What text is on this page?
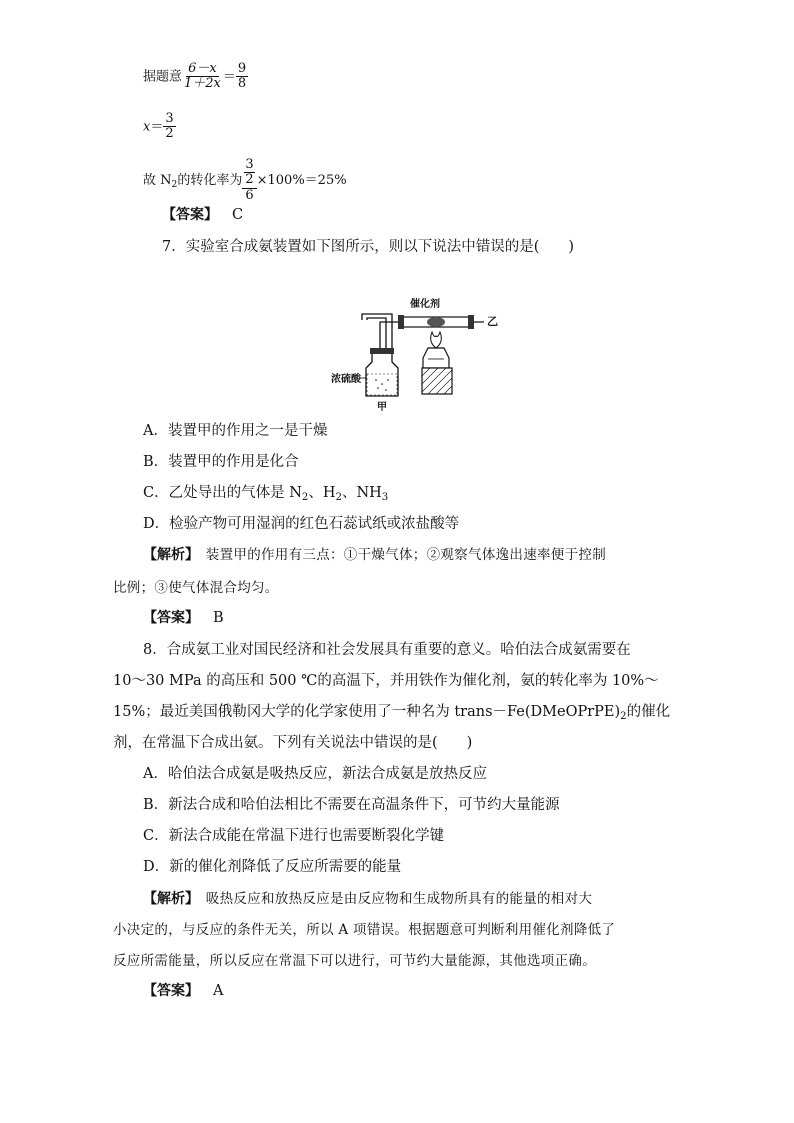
据题意 $\frac{6-x}{1+2x} = \frac{9}{8}$
$x= \frac{3}{2}$
故 $N_2$的转化率为 $\frac{\frac{3}{2}}{6} \times 100\%=25\%$
【答案】 C
7．实验室合成氨装置如下图所示，则以下说法中错误的是(　　)
催化剂
浓硫酸
甲
乙
A．装置甲的作用之一是干燥
B．装置甲的作用是化合
C．乙处导出的气体是 $N_2$、$H_2$、$NH_3$
D．检验产物可用湿润的红色石蕊试纸或浓盐酸等
【解析】　装置甲的作用有三点：①干燥气体；②观察气体逸出速率便于控制
比例；③使气体混合均匀。
【答案】 B
8．合成氨工业对国民经济和社会发展具有重要的意义。哈伯法合成氨需要在
10～30 MPa 的高压和 500 ℃的高温下，并用铁作为催化剂，氨的转化率为 10%～
15%；最近美国俄勒冈大学的化学家使用了一种名为 $trans-Fe(DMeOPrPE)_2$的催化
剂，在常温下合成出氨。下列有关说法中错误的是(　　)
A．哈伯法合成氨是吸热反应，新法合成氨是放热反应
B．新法合成和哈伯法相比不需要在高温条件下，可节约大量能源
C．新法合成能在常温下进行也需要断裂化学键
D．新的催化剂降低了反应所需要的能量
【解析】　吸热反应和放热反应是由反应物和生成物所具有的能量的相对大
小决定的，与反应的条件无关，所以 A 项错误。根据题意可判断利用催化剂降低了
反应所需能量，所以反应在常温下可以进行，可节约大量能源，其他选项正确。
【答案】 A
